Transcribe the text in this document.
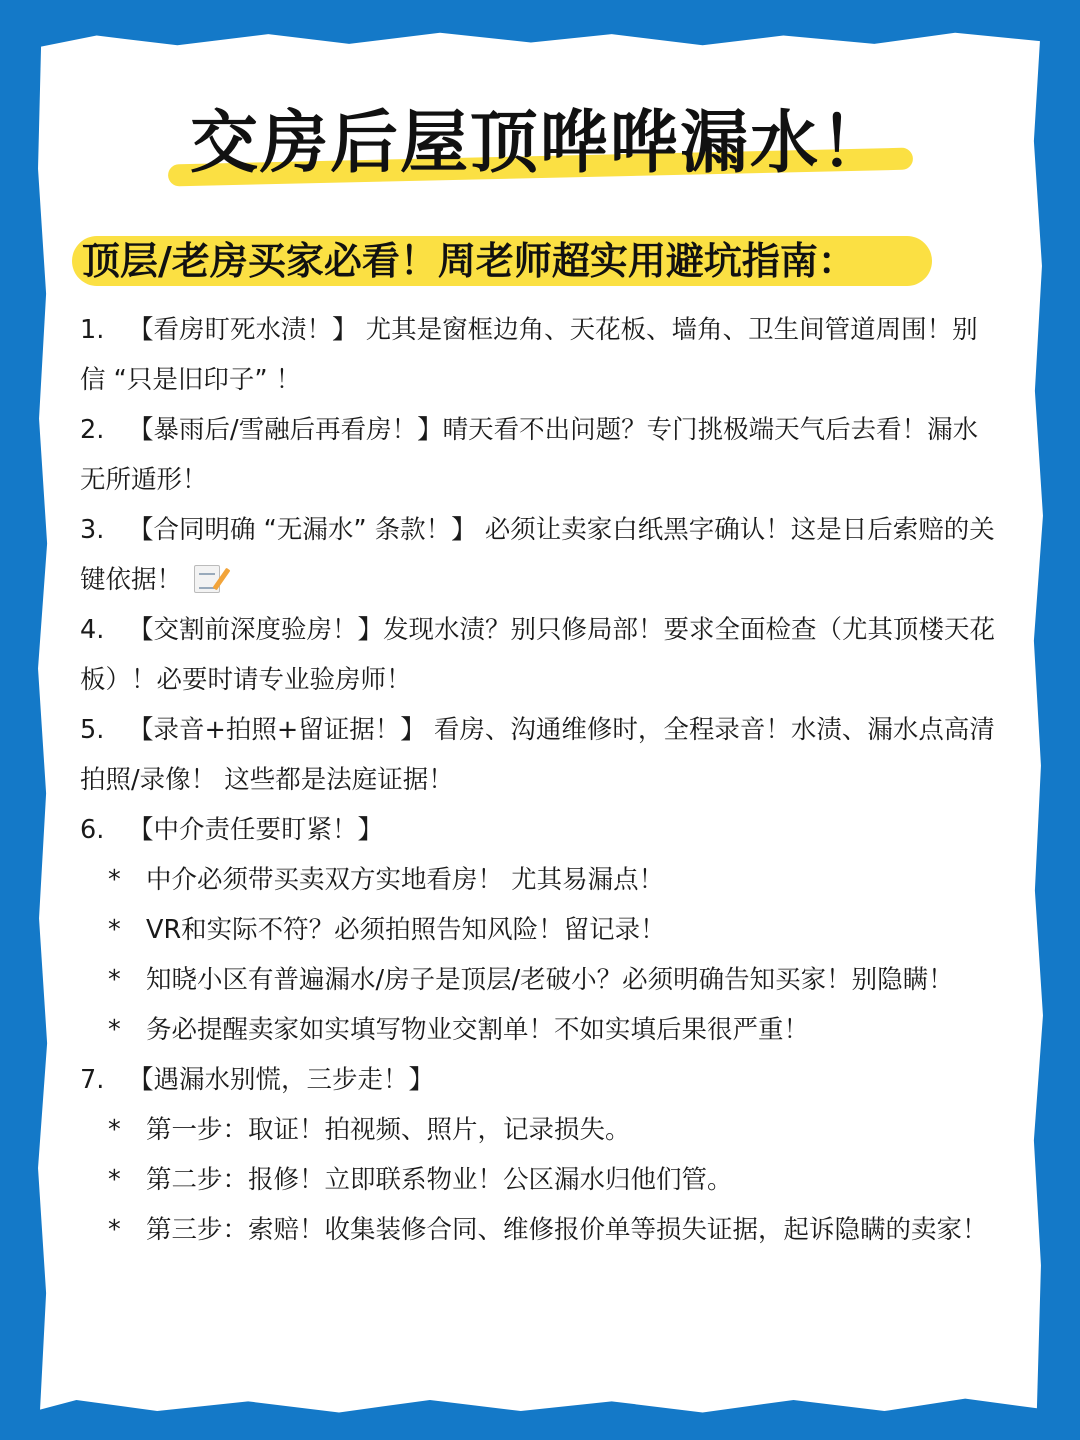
交房后屋顶哗哗漏水！
顶层/老房买家必看！周老师超实用避坑指南：

1. 【看房盯死水渍！】 尤其是窗框边角、天花板、墙角、卫生间管道周围！别信 “只是旧印子” ！

2. 【暴雨后/雪融后再看房！】晴天看不出问题？专门挑极端天气后去看！漏水无所遁形！

3. 【合同明确 “无漏水” 条款！】 必须让卖家白纸黑字确认！这是日后索赔的关键依据！

4. 【交割前深度验房！】发现水渍？别只修局部！要求全面检查（尤其顶楼天花板）！必要时请专业验房师！

5. 【录音+拍照+留证据！】 看房、沟通维修时，全程录音！水渍、漏水点高清拍照/录像！ 这些都是法庭证据！

6. 【中介责任要盯紧！】

* 中介必须带买卖双方实地看房！ 尤其易漏点！

* VR和实际不符？必须拍照告知风险！留记录！

* 知晓小区有普遍漏水/房子是顶层/老破小？必须明确告知买家！别隐瞒！

* 务必提醒卖家如实填写物业交割单！不如实填后果很严重！

7. 【遇漏水别慌，三步走！】

* 第一步：取证！拍视频、照片，记录损失。

* 第二步：报修！立即联系物业！公区漏水归他们管。

* 第三步：索赔！收集装修合同、维修报价单等损失证据，起诉隐瞒的卖家！
